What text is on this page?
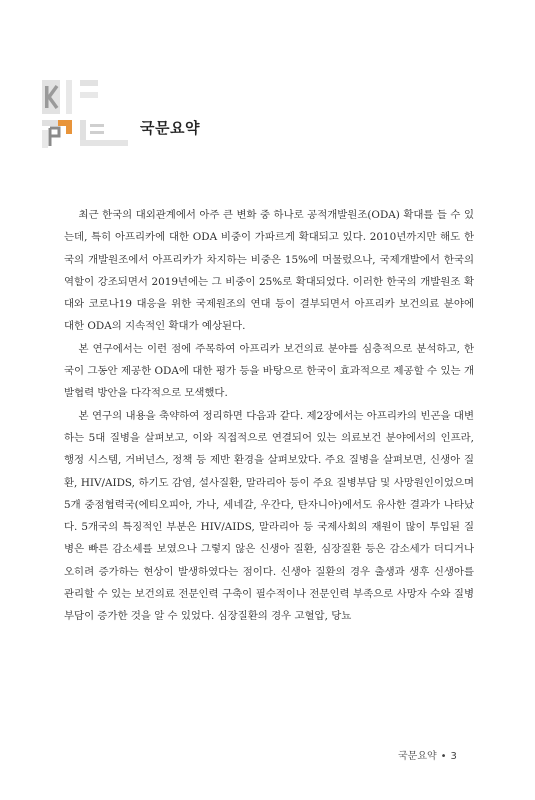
국문요약

최근 한국의 대외관계에서 아주 큰 변화 중 하나로 공적개발원조(ODA) 확대를 들 수 있는데, 특히 아프리카에 대한 ODA 비중이 가파르게 확대되고 있다. 2010년까지만 해도 한국의 개발원조에서 아프리카가 차지하는 비중은 15%에 머물렀으나, 국제개발에서 한국의 역할이 강조되면서 2019년에는 그 비중이 25%로 확대되었다. 이러한 한국의 개발원조 확대와 코로나19 대응을 위한 국제원조의 연대 등이 결부되면서 아프리카 보건의료 분야에 대한 ODA의 지속적인 확대가 예상된다.

본 연구에서는 이런 점에 주목하여 아프리카 보건의료 분야를 심층적으로 분석하고, 한국이 그동안 제공한 ODA에 대한 평가 등을 바탕으로 한국이 효과적으로 제공할 수 있는 개발협력 방안을 다각적으로 모색했다.

본 연구의 내용을 축약하여 정리하면 다음과 같다. 제2장에서는 아프리카의 빈곤을 대변하는 5대 질병을 살펴보고, 이와 직접적으로 연결되어 있는 의료보건 분야에서의 인프라, 행정 시스템, 거버넌스, 정책 등 제반 환경을 살펴보았다. 주요 질병을 살펴보면, 신생아 질환, HIV/AIDS, 하기도 감염, 설사질환, 말라리아 등이 주요 질병부담 및 사망원인이었으며 5개 중점협력국(에티오피아, 가나, 세네갈, 우간다, 탄자니아)에서도 유사한 결과가 나타났다. 5개국의 특징적인 부분은 HIV/AIDS, 말라리아 등 국제사회의 재원이 많이 투입된 질병은 빠른 감소세를 보였으나 그렇지 않은 신생아 질환, 심장질환 등은 감소세가 더디거나 오히려 증가하는 현상이 발생하였다는 점이다. 신생아 질환의 경우 출생과 생후 신생아를 관리할 수 있는 보건의료 전문인력 구축이 필수적이나 전문인력 부족으로 사망자 수와 질병부담이 증가한 것을 알 수 있었다. 심장질환의 경우 고혈압, 당뇨

국문요약 • 3
